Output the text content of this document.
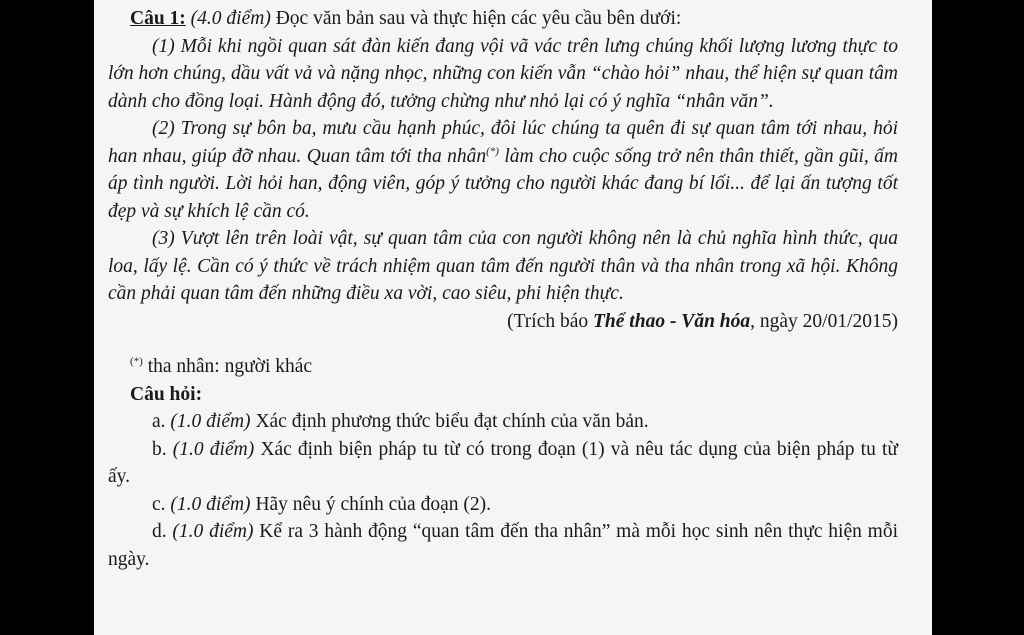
Câu 1: (4.0 điểm) Đọc văn bản sau và thực hiện các yêu cầu bên dưới:

(1) Mỗi khi ngồi quan sát đàn kiến đang vội vã vác trên lưng chúng khối lượng lương thực to lớn hơn chúng, dầu vất vả và nặng nhọc, những con kiến vẫn “chào hỏi” nhau, thể hiện sự quan tâm dành cho đồng loại. Hành động đó, tưởng chừng như nhỏ lại có ý nghĩa “nhân văn”.

(2) Trong sự bôn ba, mưu cầu hạnh phúc, đôi lúc chúng ta quên đi sự quan tâm tới nhau, hỏi han nhau, giúp đỡ nhau. Quan tâm tới tha nhân(*) làm cho cuộc sống trở nên thân thiết, gần gũi, ấm áp tình người. Lời hỏi han, động viên, góp ý tưởng cho người khác đang bí lối... để lại ấn tượng tốt đẹp và sự khích lệ cần có.

(3) Vượt lên trên loài vật, sự quan tâm của con người không nên là chủ nghĩa hình thức, qua loa, lấy lệ. Cần có ý thức về trách nhiệm quan tâm đến người thân và tha nhân trong xã hội. Không cần phải quan tâm đến những điều xa vời, cao siêu, phi hiện thực.

(Trích báo Thể thao - Văn hóa, ngày 20/01/2015)

(*) tha nhân: người khác

Câu hỏi:

a. (1.0 điểm) Xác định phương thức biểu đạt chính của văn bản.

b. (1.0 điểm) Xác định biện pháp tu từ có trong đoạn (1) và nêu tác dụng của biện pháp tu từ ấy.

c. (1.0 điểm) Hãy nêu ý chính của đoạn (2).

d. (1.0 điểm) Kể ra 3 hành động “quan tâm đến tha nhân” mà mỗi học sinh nên thực hiện mỗi ngày.
